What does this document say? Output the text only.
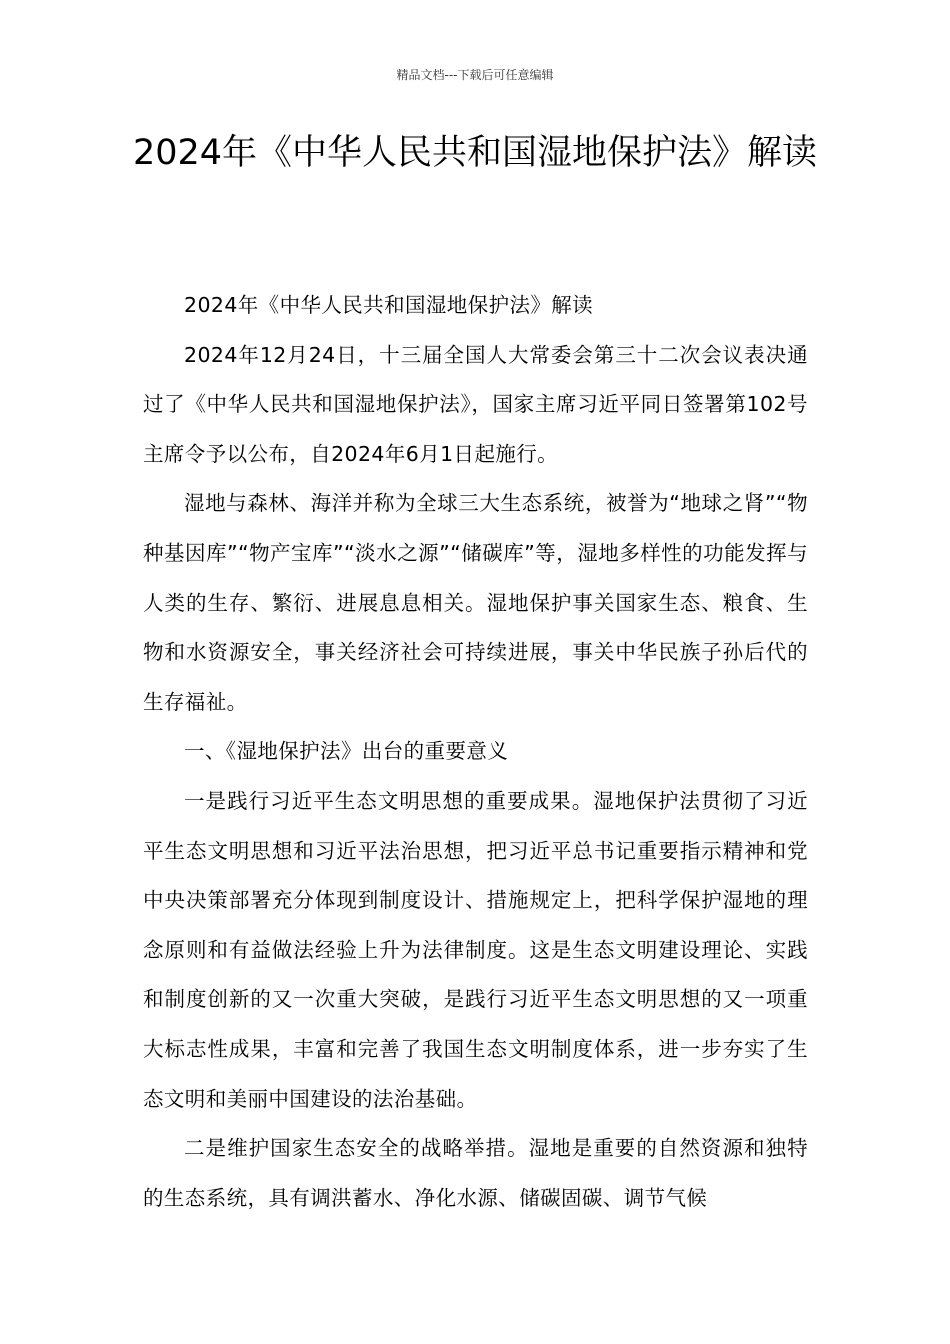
精品文档---下载后可任意编辑
2024年《中华人民共和国湿地保护法》解读

2024年《中华人民共和国湿地保护法》解读

2024年12月24日，十三届全国人大常委会第三十二次会议表决通过了《中华人民共和国湿地保护法》，国家主席习近平同日签署第102号主席令予以公布，自2024年6月1日起施行。

湿地与森林、海洋并称为全球三大生态系统，被誉为“地球之肾”“物种基因库”“物产宝库”“淡水之源”“储碳库”等，湿地多样性的功能发挥与人类的生存、繁衍、进展息息相关。湿地保护事关国家生态、粮食、生物和水资源安全，事关经济社会可持续进展，事关中华民族子孙后代的生存福祉。

一、《湿地保护法》出台的重要意义

一是践行习近平生态文明思想的重要成果。湿地保护法贯彻了习近平生态文明思想和习近平法治思想，把习近平总书记重要指示精神和党中央决策部署充分体现到制度设计、措施规定上，把科学保护湿地的理念原则和有益做法经验上升为法律制度。这是生态文明建设理论、实践和制度创新的又一次重大突破，是践行习近平生态文明思想的又一项重大标志性成果，丰富和完善了我国生态文明制度体系，进一步夯实了生态文明和美丽中国建设的法治基础。

二是维护国家生态安全的战略举措。湿地是重要的自然资源和独特的生态系统，具有调洪蓄水、净化水源、储碳固碳、调节气候
